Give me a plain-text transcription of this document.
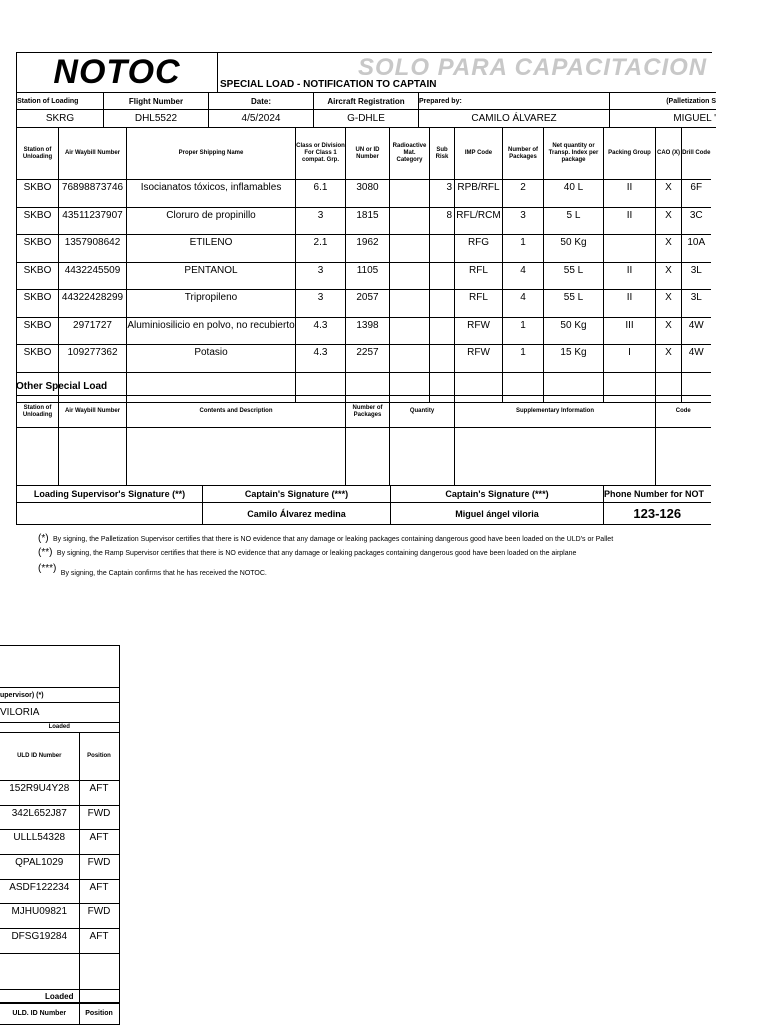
NOTOC	SOLO PARA CAPACITACION
SPECIAL LOAD - NOTIFICATION TO CAPTAIN
Station of Loading	Flight Number	Date:	Aircraft Registration	Prepared by:	(Palletization S
SKRG	DHL5522	4/5/2024	G-DHLE	CAMILO ÁLVAREZ	MIGUEL '
Station of Unloading	Air Waybill Number	Proper Shipping Name	Class or Division For Class 1 compat. Grp.	UN or ID Number	Radioactive Mat. Category	Sub Risk	IMP Code	Number of Packages	Net quantity or Transp. Index per package	Packing Group	CAO (X)	Drill Code
SKBO	76898873746	Isocianatos tóxicos, inflamables	6.1	3080		3	RPB/RFL	2	40 L	II	X	6F
SKBO	43511237907	Cloruro de propinillo	3	1815		8	RFL/RCM	3	5 L	II	X	3C
SKBO	1357908642	ETILENO	2.1	1962			RFG	1	50 Kg		X	10A
SKBO	4432245509	PENTANOL	3	1105			RFL	4	55 L	II	X	3L
SKBO	44322428299	Tripropileno	3	2057			RFL	4	55 L	II	X	3L
SKBO	2971727	Aluminiosilicio en polvo, no recubierto	4.3	1398			RFW	1	50 Kg	III	X	4W
SKBO	109277362	Potasio	4.3	2257			RFW	1	15 Kg	I	X	4W

Other Special Load
Station of Unloading	Air Waybill Number	Contents and Description	Number of Packages	Quantity	Supplementary Information	Code

Loading Supervisor's Signature (**)	Captain's Signature (***)	Captain's Signature (***)	Phone Number for NOT
	Camilo Álvarez medina	Miguel ángel viloria	123-126
(*) By signing, the Palletization Supervisor certifies that there is NO evidence that any damage or leaking packages containing dangerous good have been loaded on the ULD's or Pallet
(**) By signing, the Ramp Supervisor certifies that there is NO evidence that any damage or leaking packages containing dangerous good have been loaded on the airplane
(***) By signing, the Captain confirms that he has received the NOTOC.

upervisor) (*)	
VILORIA	
Loaded	
ULD ID Number	Position
152R9U4Y28	AFT
342L652J87	FWD
ULLL54328	AFT
QPAL1029	FWD
ASDF122234	AFT
MJHU09821	FWD
DFSG19284	AFT

Loaded
ULD. ID Number	Position
